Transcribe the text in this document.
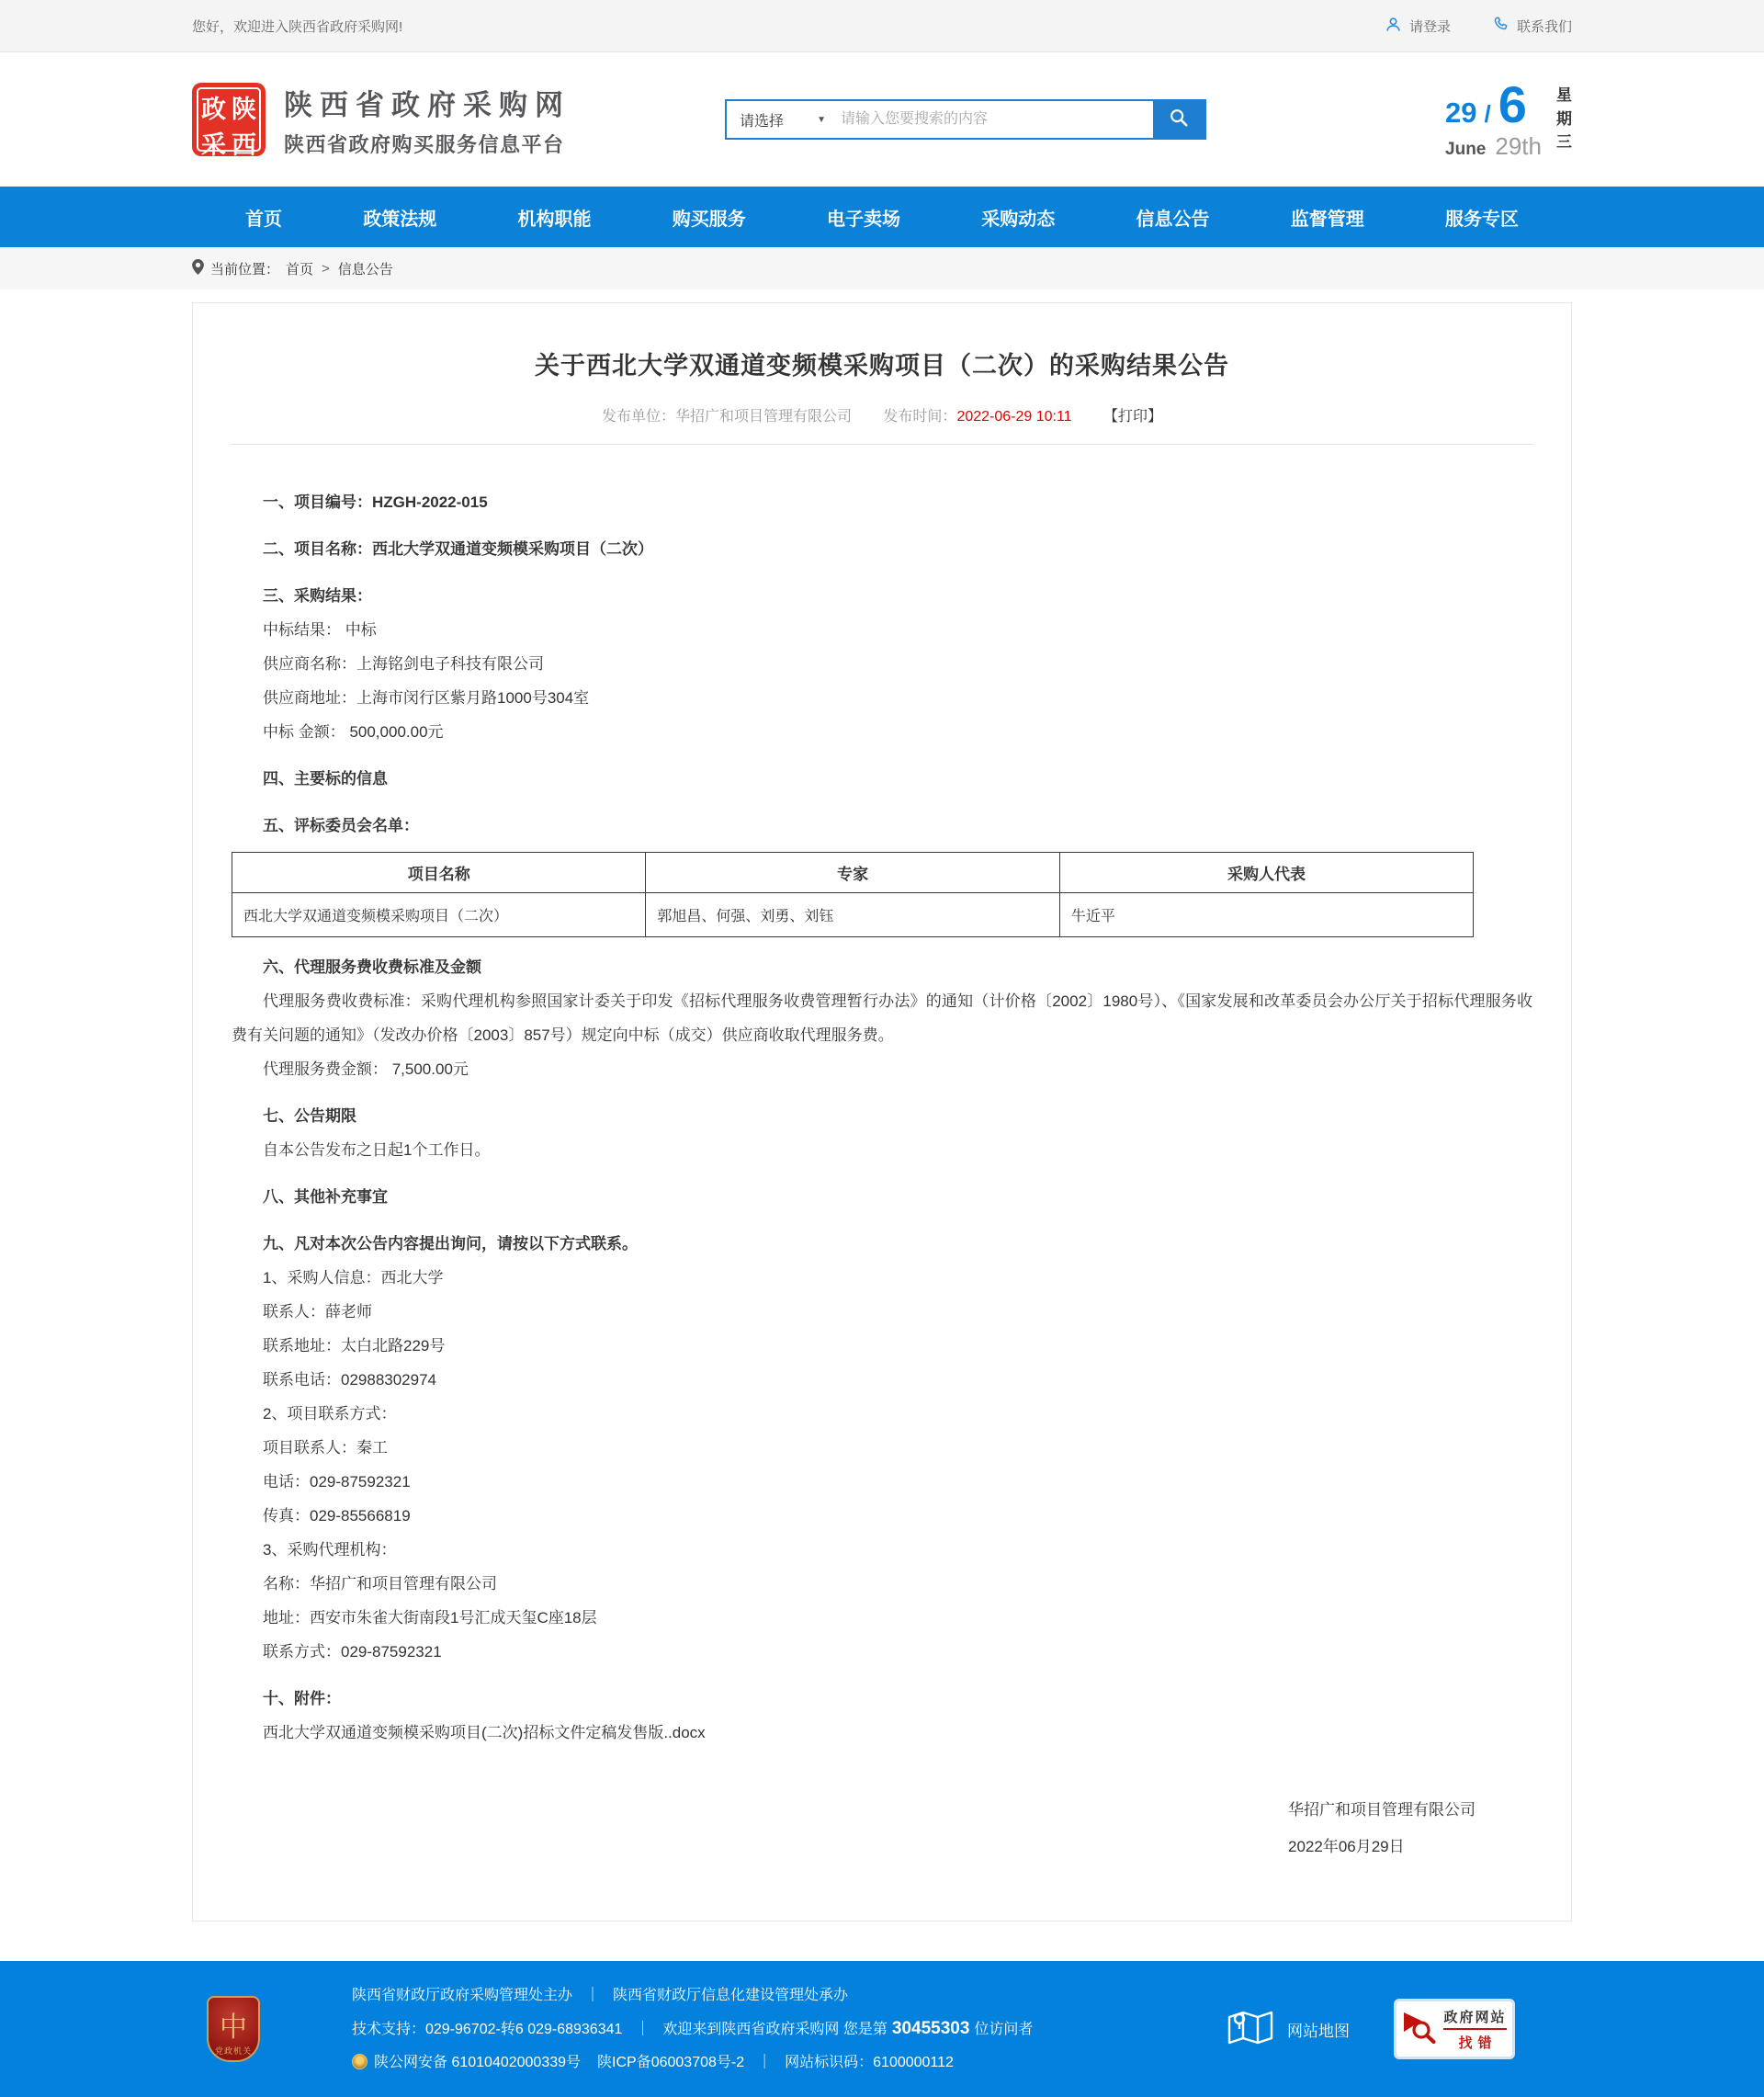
您好，欢迎进入陕西省政府采购网!	请登录	联系我们
政 陕
采 西
陕西省政府采购网
陕西省政府购买服务信息平台
请选择	▼
请输入您要搜索的内容	29 / 6
June 29th
星
期
三
首页	政策法规	机构职能	购买服务	电子卖场	采购动态	信息公告	监督管理	服务专区
当前位置： 首页 > 信息公告
关于西北大学双通道变频模采购项目（二次）的采购结果公告
发布单位：华招广和项目管理有限公司 发布时间：2022-06-29 10:11 【打印】

一、项目编号：HZGH-2022-015

二、项目名称：西北大学双通道变频模采购项目（二次）

三、采购结果：

中标结果： 中标

供应商名称：上海铭剑电子科技有限公司

供应商地址：上海市闵行区紫月路1000号304室

中标 金额： 500,000.00元

四、主要标的信息

五、评标委员会名单：

项目名称	专家	采购人代表
西北大学双通道变频模采购项目（二次）	郭旭昌、何强、刘勇、刘钰	牛近平

六、代理服务费收费标准及金额

代理服务费收费标准：采购代理机构参照国家计委关于印发《招标代理服务收费管理暂行办法》的通知（计价格〔2002〕1980号）、《国家发展和改革委员会办公厅关于招标代理服务收费有关问题的通知》（发改办价格〔2003〕857号）规定向中标（成交）供应商收取代理服务费。

代理服务费金额： 7,500.00元

七、公告期限

自本公告发布之日起1个工作日。

八、其他补充事宜

九、凡对本次公告内容提出询问，请按以下方式联系。

1、采购人信息：西北大学

联系人：薛老师

联系地址：太白北路229号

联系电话：02988302974

2、项目联系方式：

项目联系人：秦工

电话：029-87592321

传真：029-85566819

3、采购代理机构：

名称：华招广和项目管理有限公司

地址：西安市朱雀大街南段1号汇成天玺C座18层

联系方式：029-87592321

十、附件：

西北大学双通道变频模采购项目(二次)招标文件定稿发售版..docx

华招广和项目管理有限公司
2022年06月29日
中
党政机关
陕西省财政厅政府采购管理处主办 ｜ 陕西省财政厅信息化建设管理处承办
技术支持：029-96702-转6 029-68936341 ｜ 欢迎来到陕西省政府采购网 您是第 30455303 位访问者
陕公网安备 61010402000339号 陕ICP备06003708号-2 ｜ 网站标识码：6100000112
网站地图
政府网站
找错
